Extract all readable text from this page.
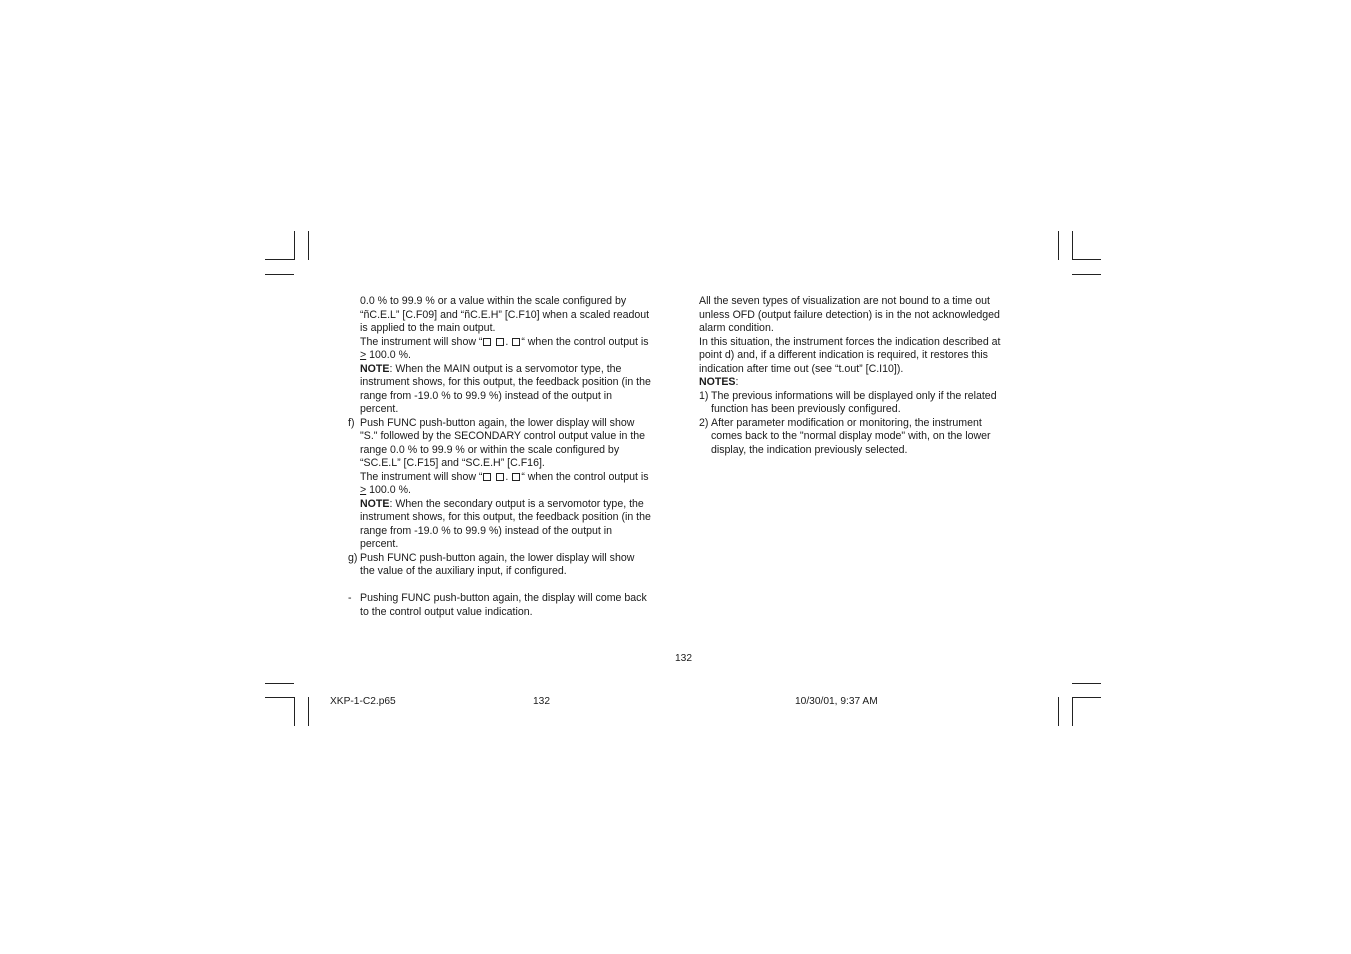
0.0 % to 99.9 % or a value within the scale configured by

“ñC.E.L” [C.F09] and “ñC.E.H” [C.F10] when a scaled readout

is applied to the main output.

The instrument will show “ . “ when the control output is

≥ 100.0 %.

NOTE: When the MAIN output is a servomotor type, the

instrument shows, for this output, the feedback position (in the

range from -19.0 % to 99.9 %) instead of the output in

percent.

f) Push FUNC push-button again, the lower display will show

"S." followed by the SECONDARY control output value in the

range 0.0 % to 99.9 % or within the scale configured by

“SC.E.L” [C.F15] and “SC.E.H” [C.F16].

The instrument will show “ . “ when the control output is

≥ 100.0 %.

NOTE: When the secondary output is a servomotor type, the

instrument shows, for this output, the feedback position (in the

range from -19.0 % to 99.9 %) instead of the output in

percent.

g) Push FUNC push-button again, the lower display will show

the value of the auxiliary input, if configured.

- Pushing FUNC push-button again, the display will come back

to the control output value indication.

All the seven types of visualization are not bound to a time out

unless OFD (output failure detection) is in the not acknowledged

alarm condition.

In this situation, the instrument forces the indication described at

point d) and, if a different indication is required, it restores this

indication after time out (see “t.out” [C.I10]).

NOTES:

1) The previous informations will be displayed only if the related

function has been previously configured.

2) After parameter modification or monitoring, the instrument

comes back to the "normal display mode" with, on the lower

display, the indication previously selected.

132
XKP-1-C2.p65	132	10/30/01, 9:37 AM
